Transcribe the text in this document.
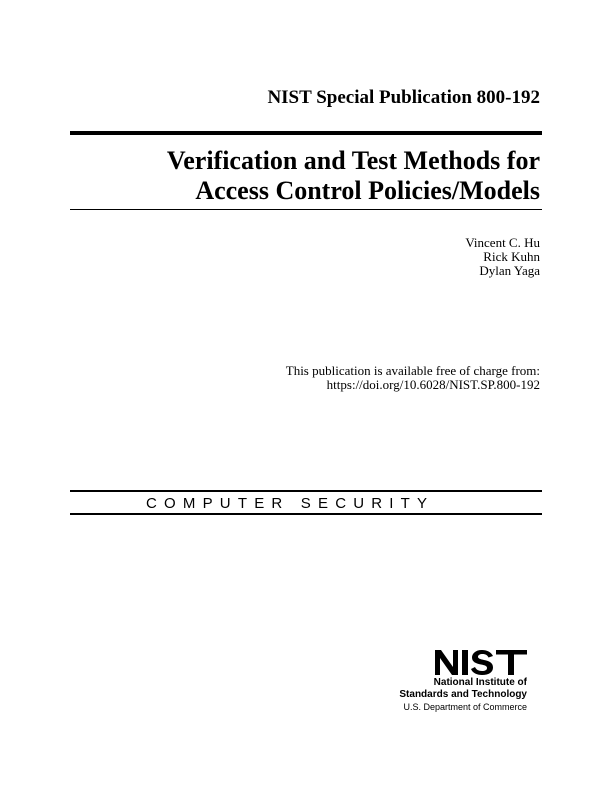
NIST Special Publication 800-192
Verification and Test Methods for
Access Control Policies/Models
Vincent C. Hu
Rick Kuhn
Dylan Yaga
This publication is available free of charge from:
https://doi.org/10.6028/NIST.SP.800-192
COMPUTER SECURITY
National Institute of
Standards and Technology
U.S. Department of Commerce
